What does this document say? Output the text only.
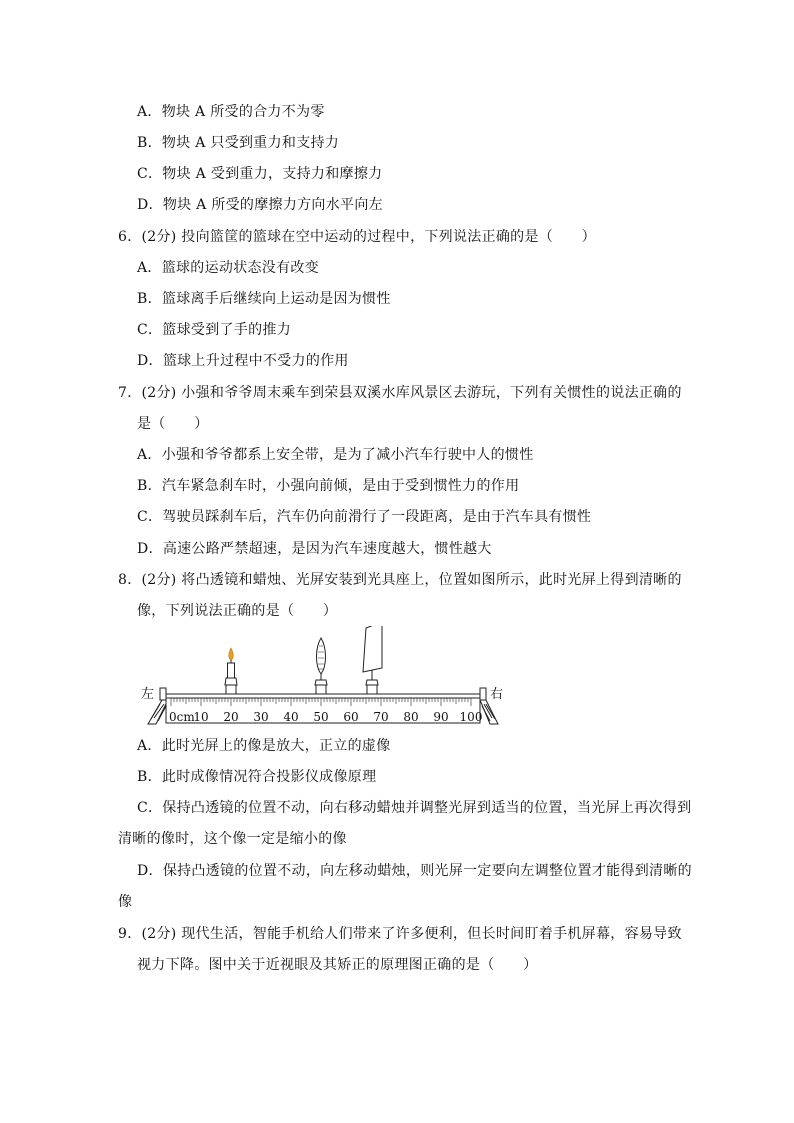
A．物块 A 所受的合力不为零
B．物块 A 只受到重力和支持力
C．物块 A 受到重力，支持力和摩擦力
D．物块 A 所受的摩擦力方向水平向左
6．(2分) 投向篮筐的篮球在空中运动的过程中，下列说法正确的是（　　）
A．篮球的运动状态没有改变
B．篮球离手后继续向上运动是因为惯性
C．篮球受到了手的推力
D．篮球上升过程中不受力的作用
7．(2分) 小强和爷爷周末乘车到荣县双溪水库风景区去游玩，下列有关惯性的说法正确的
是（　　）
A．小强和爷爷都系上安全带，是为了减小汽车行驶中人的惯性
B．汽车紧急刹车时，小强向前倾，是由于受到惯性力的作用
C．驾驶员踩刹车后，汽车仍向前滑行了一段距离，是由于汽车具有惯性
D．高速公路严禁超速，是因为汽车速度越大，惯性越大
8．(2分) 将凸透镜和蜡烛、光屏安装到光具座上，位置如图所示，此时光屏上得到清晰的
像，下列说法正确的是（　　）
左	右
0cm
10 20 30 40 50 60 70 80 90 100
A．此时光屏上的像是放大，正立的虚像
B．此时成像情况符合投影仪成像原理
C．保持凸透镜的位置不动，向右移动蜡烛并调整光屏到适当的位置，当光屏上再次得到
清晰的像时，这个像一定是缩小的像
D．保持凸透镜的位置不动，向左移动蜡烛，则光屏一定要向左调整位置才能得到清晰的
像
9．(2分) 现代生活，智能手机给人们带来了许多便利，但长时间盯着手机屏幕，容易导致
视力下降。图中关于近视眼及其矫正的原理图正确的是（　　）
